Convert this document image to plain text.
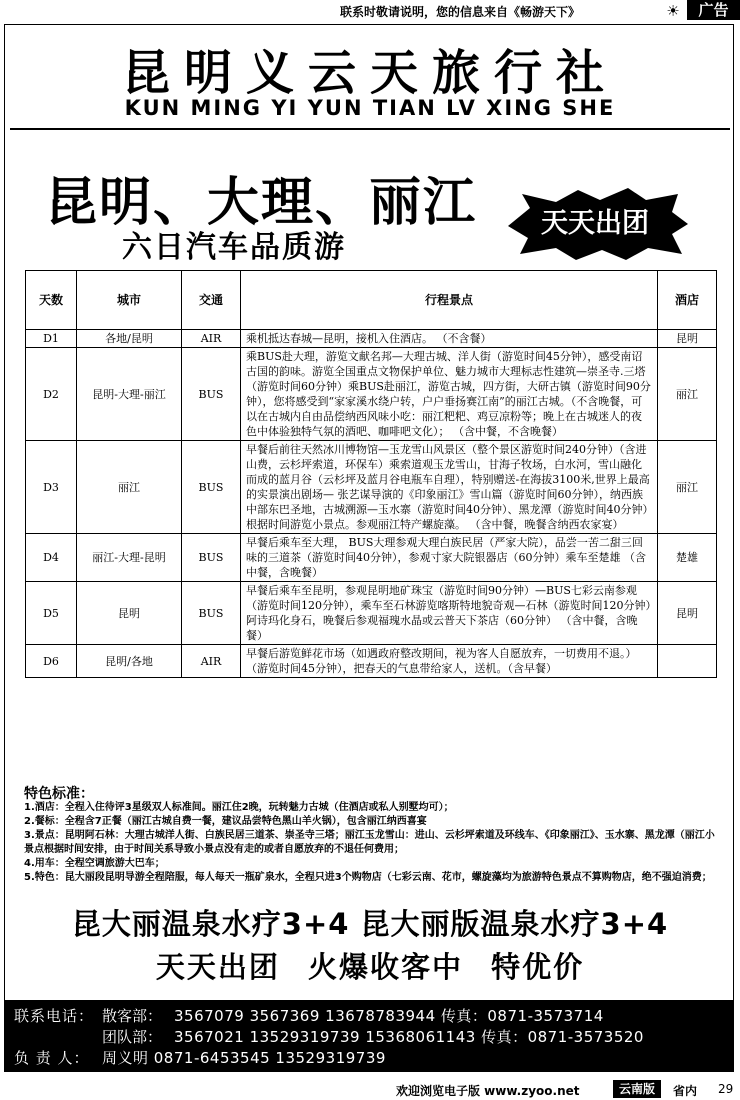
联系时敬请说明，您的信息来自《畅游天下》	☀	广告
昆明义云天旅行社
KUN MING YI YUN TIAN LV XING SHE
昆明、大理、丽江
六日汽车品质游
天天出团
天数	城市	交通	行程景点	酒店
D1	各地/昆明	AIR	乘机抵达春城—昆明，接机入住酒店。 （不含餐）	昆明
D2	昆明-大理-丽江	BUS	乘BUS赴大理，游览文献名邦—大理古城、洋人街（游览时间45分钟），感受南诏古国的韵味。游览全国重点文物保护单位、魅力城市大理标志性建筑—崇圣寺.三塔（游览时间60分钟）乘BUS赴丽江，游览古城，四方街，大研古镇（游览时间90分钟），您将感受到“家家溪水绕户转，户户垂扬赛江南”的丽江古城。（不含晚餐，可以在古城内自由品偿纳西风味小吃：丽江粑粑、鸡豆凉粉等；晚上在古城迷人的夜色中体验独特气氛的酒吧、咖啡吧文化）； （含中餐，不含晚餐）	丽江
D3	丽江	BUS	早餐后前往天然冰川博物馆—玉龙雪山风景区（整个景区游览时间240分钟）（含进山费，云杉坪索道，环保车）乘索道观玉龙雪山，甘海子牧场，白水河，雪山融化而成的蓝月谷（云杉坪及蓝月谷电瓶车自理），特别赠送-在海拔3100米,世界上最高的实景演出剧场— 张艺谋导演的《印象丽江》雪山篇（游览时间60分钟），纳西族中部东巴圣地，古城溯源—玉水寨（游览时间40分钟）、黑龙潭（游览时间40分钟）根据时间游览小景点。参观丽江特产螺旋藻。 （含中餐，晚餐含纳西农家宴）	丽江
D4	丽江-大理-昆明	BUS	早餐后乘车至大理， BUS大理参观大理白族民居（严家大院），品尝一苦二甜三回味的三道茶（游览时间40分钟），参观寸家大院银器店（60分钟）乘车至楚雄 （含中餐，含晚餐）	楚雄
D5	昆明	BUS	早餐后乘车至昆明，参观昆明地矿珠宝（游览时间90分钟）—BUS七彩云南参观（游览时间120分钟），乘车至石林游览喀斯特地貌奇观—石林（游览时间120分钟）阿诗玛化身石，晚餐后参观福瑰水晶或云普天下茶店（60分钟） （含中餐，含晚餐）	昆明
D6	昆明/各地	AIR	早餐后游览鲜花市场（如遇政府整改期间，视为客人自愿放弃，一切费用不退。）（游览时间45分钟），把春天的气息带给家人，送机。（含早餐）	
特色标准：
1.酒店：全程入住待评3星级双人标准间。丽江住2晚，玩转魅力古城（住酒店或私人别墅均可）；
2.餐标：全程含7正餐（丽江古城自费一餐，建议品尝特色黑山羊火锅），包含丽江纳西喜宴
3.景点：昆明阿石林：大理古城洋人街、白族民居三道茶、崇圣寺三塔；丽江玉龙雪山：进山、云杉坪索道及环线车、《印象丽江》、玉水寨、黑龙潭（丽江小景点根据时间安排，由于时间关系导致小景点没有走的或者自愿放弃的不退任何费用；
4.用车：全程空调旅游大巴车；
5.特色：昆大丽段昆明导游全程陪服，每人每天一瓶矿泉水，全程只进3个购物店（七彩云南、花市，螺旋藻均为旅游特色景点不算购物店，绝不强迫消费；
昆大丽温泉水疗3+4 昆大丽版温泉水疗3+4
天天出团 火爆收客中 特优价
联系电话： 散客部： 3567079 3567369 13678783944 传真：0871-3573714
团队部： 3567021 13529319739 15368061143 传真：0871-3573520
负 责 人： 周义明 0871-6453545 13529319739
欢迎浏览电子版 www.zyoo.net	云南版	省内 29
